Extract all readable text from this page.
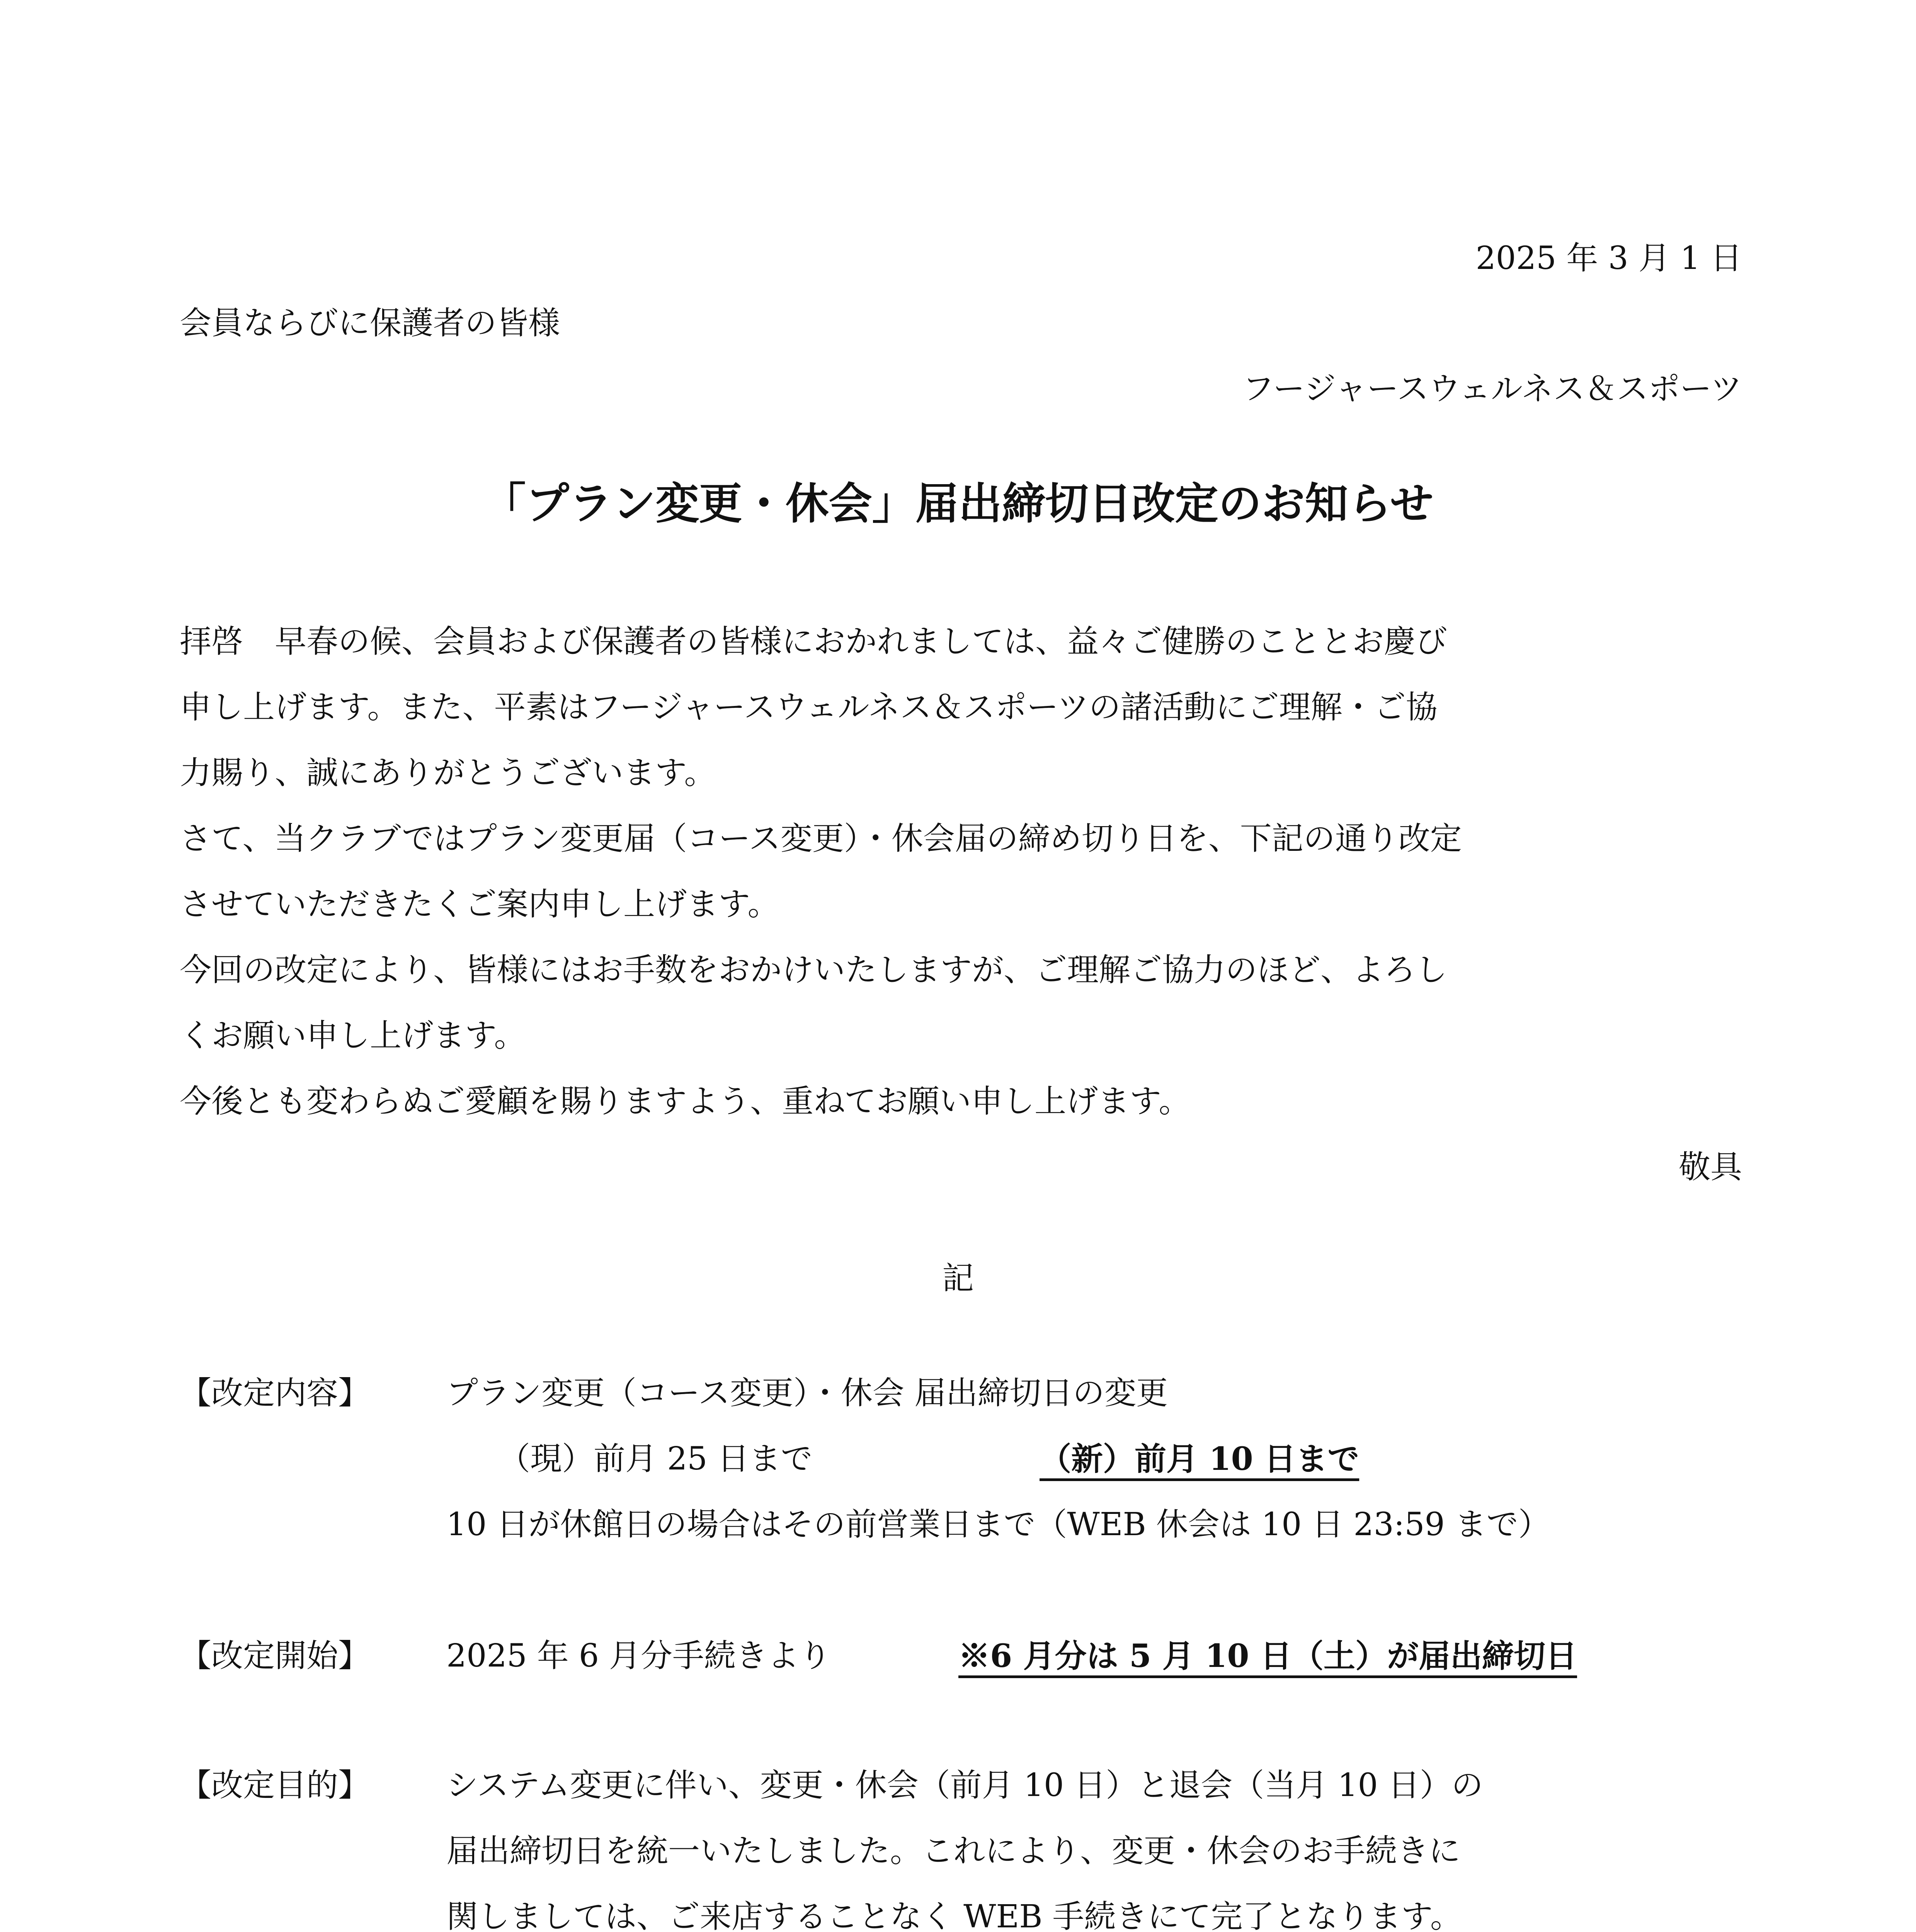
2025 年 3 月 1 日
会員ならびに保護者の皆様
フージャースウェルネス＆スポーツ
「プラン変更・休会」届出締切日改定のお知らせ
拝啓　早春の候、会員および保護者の皆様におかれましては、益々ご健勝のこととお慶び
申し上げます。また、平素はフージャースウェルネス＆スポーツの諸活動にご理解・ご協
力賜り、誠にありがとうございます。
さて、当クラブではプラン変更届（コース変更）・休会届の締め切り日を、下記の通り改定
させていただきたくご案内申し上げます。
今回の改定により、皆様にはお手数をおかけいたしますが、ご理解ご協力のほど、よろし
くお願い申し上げます。
今後とも変わらぬご愛顧を賜りますよう、重ねてお願い申し上げます。
敬具
記
【改定内容】 プラン変更（コース変更）・休会 届出締切日の変更
（現）前月 25 日まで	（新）前月 10 日まで
10 日が休館日の場合はその前営業日まで（WEB 休会は 10 日 23:59 まで）
【改定開始】 2025 年 6 月分手続きより	※6 月分は 5 月 10 日（土）が届出締切日
【改定目的】 システム変更に伴い、変更・休会（前月 10 日）と退会（当月 10 日）の
届出締切日を統一いたしました。これにより、変更・休会のお手続きに
関しましては、ご来店することなく WEB 手続きにて完了となります。
